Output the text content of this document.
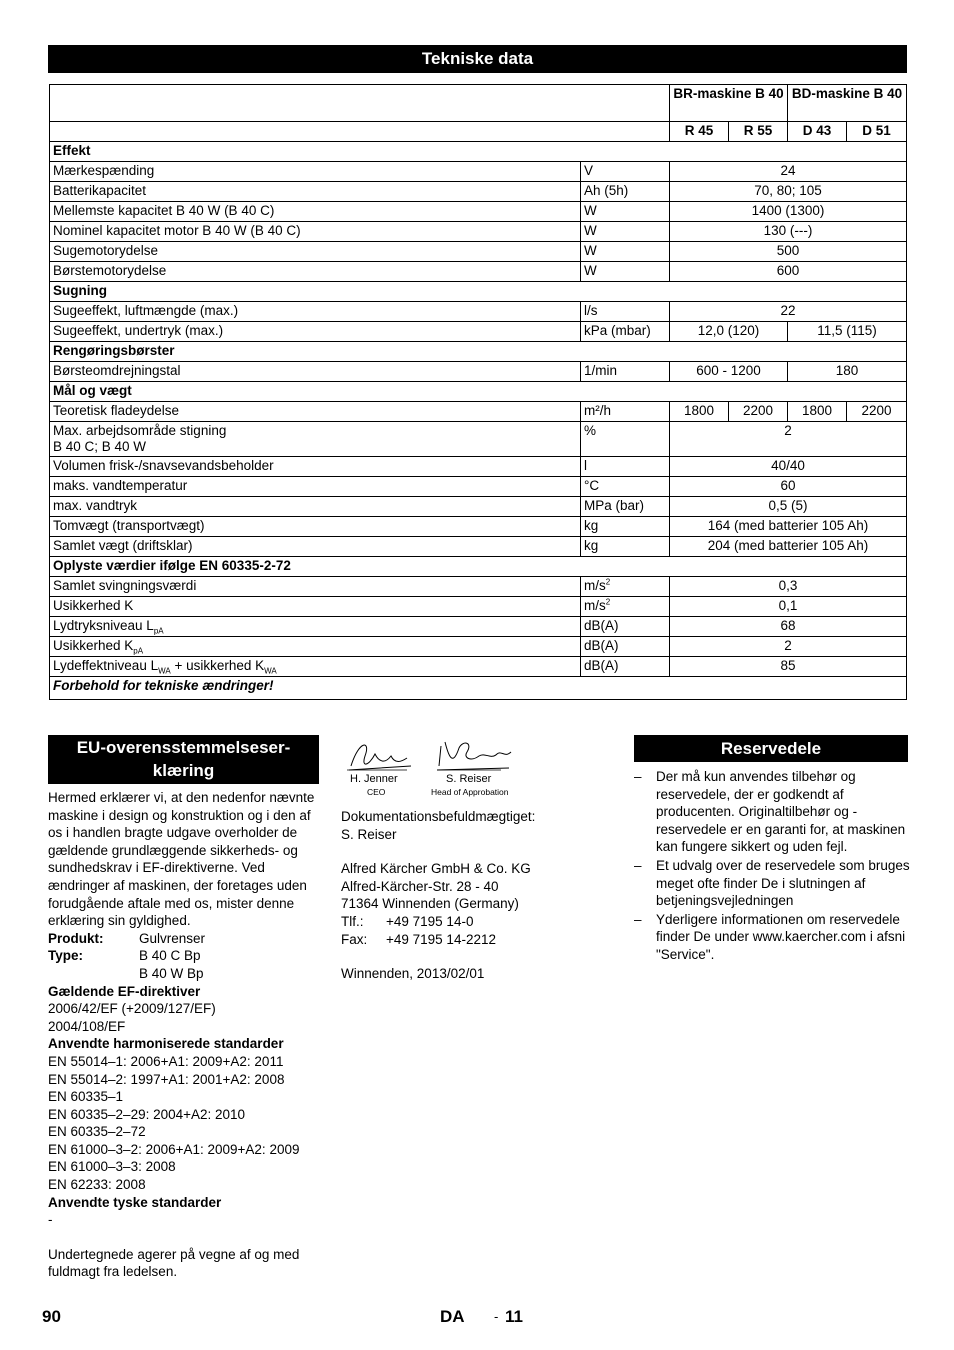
Tekniske data
		BR-maskine B 40		BD-maskine B 40	
		R 45	R 55	D 43	D 51
Effekt					
Mærkespænding	V	24			
Batterikapacitet	Ah (5h)	70, 80; 105			
Mellemste kapacitet B 40 W (B 40 C)	W	1400 (1300)			
Nominel kapacitet motor B 40 W (B 40 C)	W	130 (---)			
Sugemotorydelse	W	500			
Børstemotorydelse	W	600			
Sugning					
Sugeeffekt, luftmængde (max.)	l/s	22			
Sugeeffekt, undertryk (max.)	kPa (mbar)	12,0 (120)		11,5 (115)	
Rengøringsbørster					
Børsteomdrejningstal	1/min	600 - 1200		180	
Mål og vægt					
Teoretisk fladeydelse	m²/h	1800	2200	1800	2200
Max. arbejdsområde stigning
B 40 C; B 40 W	%	2			
Volumen frisk-/snavsevandsbeholder	l	40/40			
maks. vandtemperatur	°C	60			
max. vandtryk	MPa (bar)	0,5 (5)			
Tomvægt (transportvægt)	kg	164 (med batterier 105 Ah)			
Samlet vægt (driftsklar)	kg	204 (med batterier 105 Ah)			
Oplyste værdier ifølge EN 60335-2-72					
Samlet svingningsværdi	$m/s^2$	0,3			
Usikkerhed K	$m/s^2$	0,1			
Lydtryksniveau $L_{pA}$	dB(A)	68			
Usikkerhed $K_{pA}$	dB(A)	2			
Lydeffektniveau $L_{WA}$ + usikkerhed $K_{WA}$	dB(A)	85			
Forbehold for tekniske ændringer!					
EU-overensstemmelseser-
klæring
Hermed erklærer vi, at den nedenfor nævnte maskine i design og konstruktion og i den af os i handlen bragte udgave overholder de gældende grundlæggende sikkerheds- og sundhedskrav i EF-direktiverne. Ved ændringer af maskinen, der foretages uden forudgående aftale med os, mister denne erklæring sin gyldighed.
Produkt:	Gulvrenser
Type:	B 40 C Bp
B 40 W Bp
Gældende EF-direktiver
2006/42/EF (+2009/127/EF)
2004/108/EF
Anvendte harmoniserede standarder
EN 55014–1: 2006+A1: 2009+A2: 2011
EN 55014–2: 1997+A1: 2001+A2: 2008
EN 60335–1
EN 60335–2–29: 2004+A2: 2010
EN 60335–2–72
EN 61000–3–2: 2006+A1: 2009+A2: 2009
EN 61000–3–3: 2008
EN 62233: 2008
Anvendte tyske standarder
-
Undertegnede agerer på vegne af og med fuldmagt fra ledelsen.
H. Jenner
CEO
S. Reiser
Head of Approbation
Dokumentationsbefuldmægtiget:
S. Reiser
Alfred Kärcher GmbH & Co. KG
Alfred-Kärcher-Str. 28 - 40
71364 Winnenden (Germany)
Tlf.:	+49 7195 14-0
Fax:	+49 7195 14-2212
Winnenden, 2013/02/01
Reservedele
–	Der må kun anvendes tilbehør og reservedele, der er godkendt af producenten. Originaltilbehør og -reservedele er en garanti for, at maskinen kan fungere sikkert og uden fejl.
–	Et udvalg over de reservedele som bruges meget ofte finder De i slutningen af betjeningsvejledningen
–	Yderligere informationen om reservedele finder De under www.kaercher.com i afsni "Service".
90	DA - 11
